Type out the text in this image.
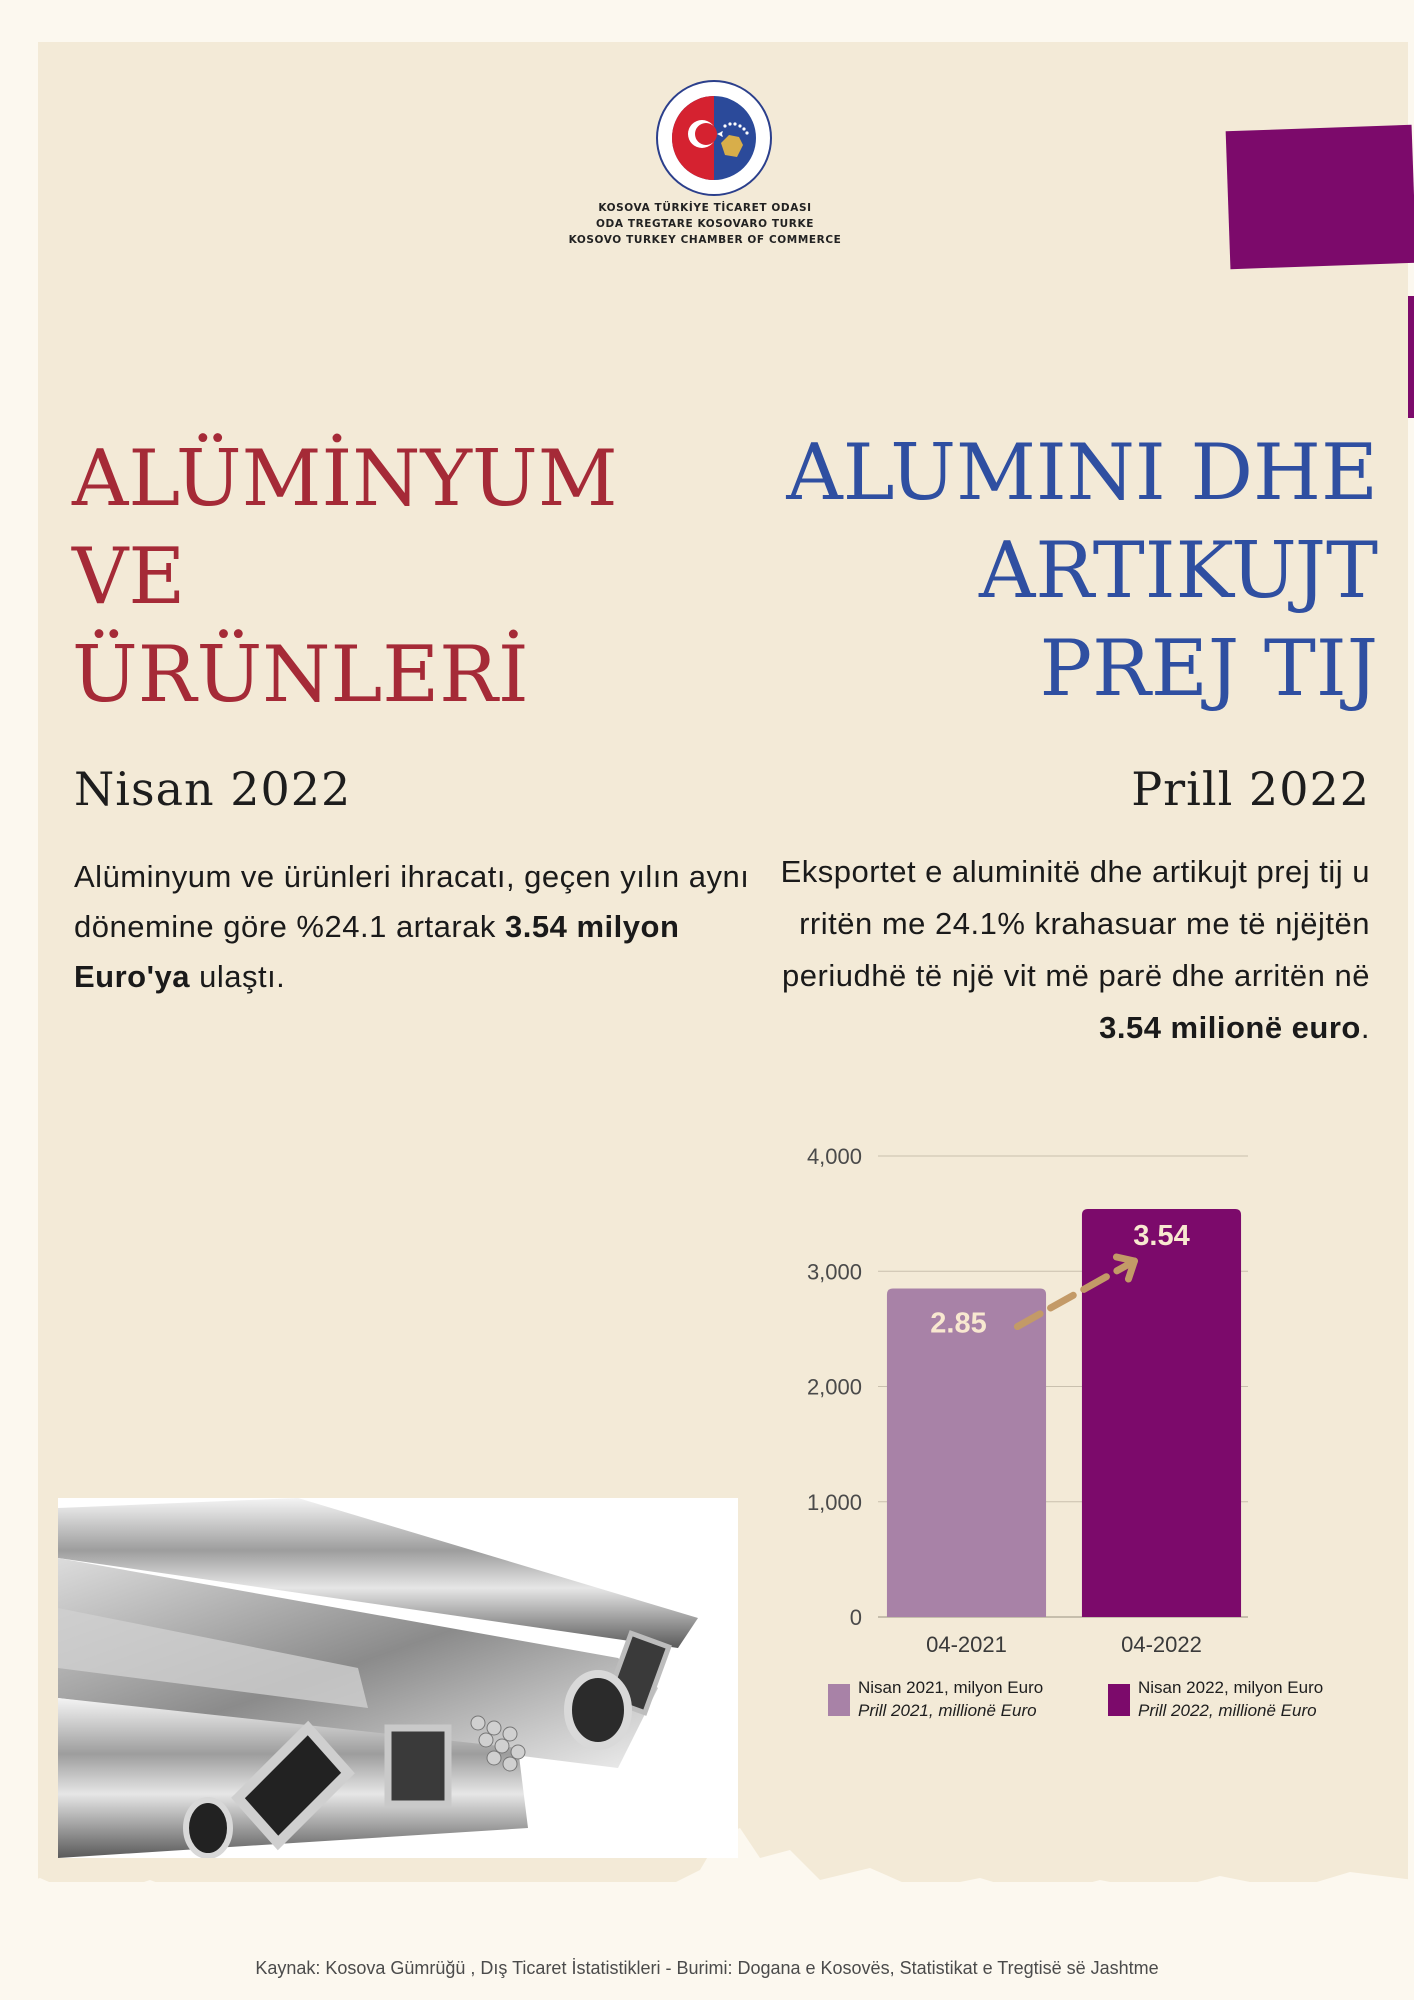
KOSOVA TÜRKİYE TİCARET ODASI
ODA TREGTARE KOSOVARO TURKE
KOSOVO TURKEY CHAMBER OF COMMERCE
ALÜMİNYUM
VE
ÜRÜNLERİ
ALUMINI DHE
ARTIKUJT
PREJ TIJ
Nisan 2022	Prill 2022
Alüminyum ve ürünleri ihracatı, geçen yılın aynı dönemine göre %24.1 artarak 3.54 milyon Euro'ya ulaştı.
Eksportet e aluminitë dhe artikujt prej tij u rritën me 24.1% krahasuar me të njëjtën periudhë të një vit më parë dhe arritën në 3.54 milionë euro.
0
1,000
2,000
3,000
4,000
2.85
04-2021
3.54
04-2022
Nisan 2021, milyon Euro
Prill 2021, millionë Euro
Nisan 2022, milyon Euro
Prill 2022, millionë Euro
Kaynak: Kosova Gümrüğü , Dış Ticaret İstatistikleri - Burimi: Dogana e Kosovës, Statistikat e Tregtisë së Jashtme
